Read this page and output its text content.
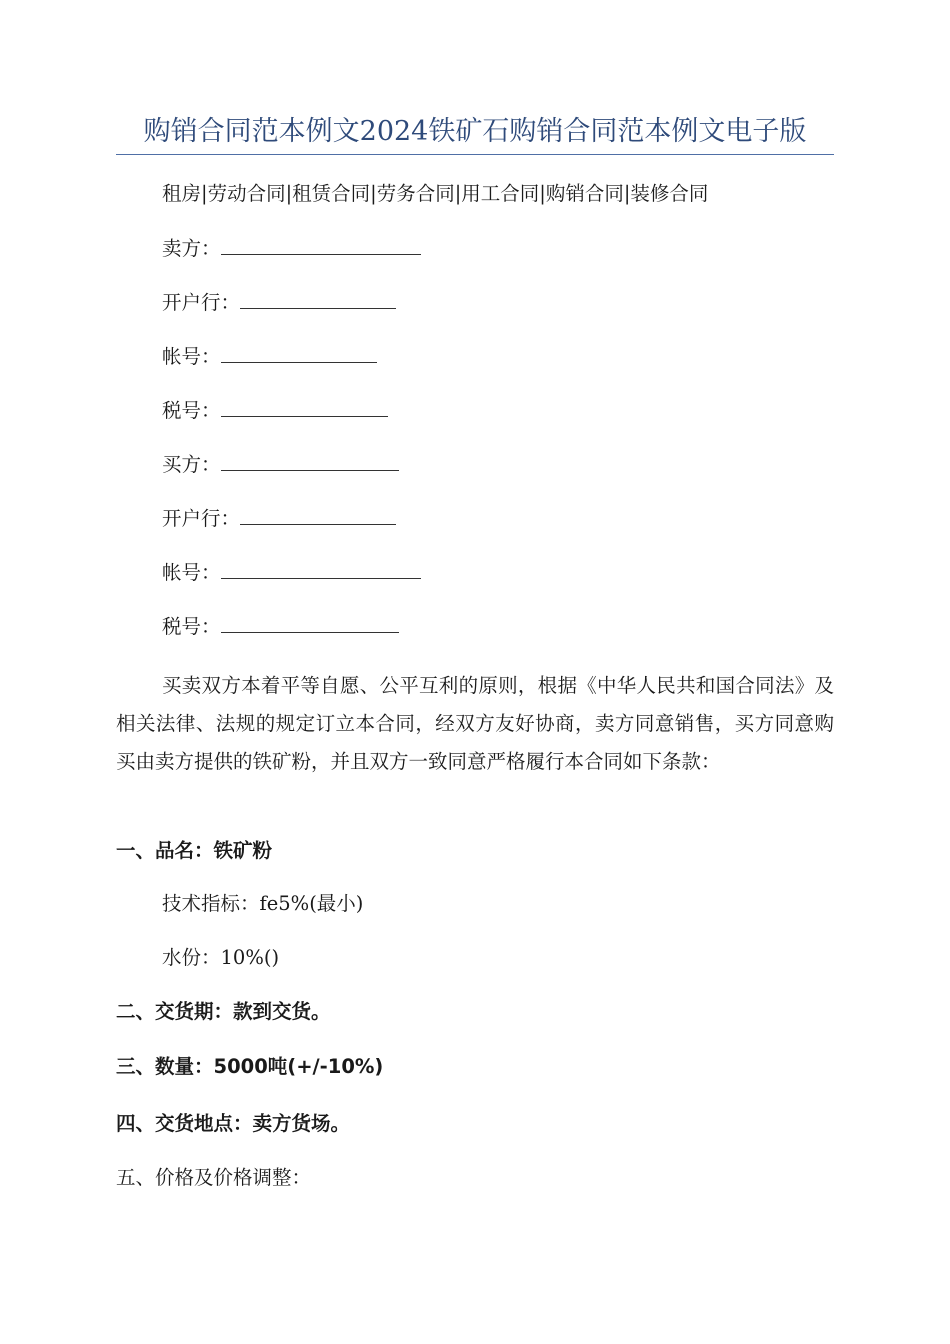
购销合同范本例文2024铁矿石购销合同范本例文电子版
租房|劳动合同|租赁合同|劳务合同|用工合同|购销合同|装修合同
卖方：
开户行：
帐号：
税号：
买方：
开户行：
帐号：
税号：
买卖双方本着平等自愿、公平互利的原则，根据《中华人民共和国合同法》及相关法律、法规的规定订立本合同，经双方友好协商，卖方同意销售，买方同意购买由卖方提供的铁矿粉，并且双方一致同意严格履行本合同如下条款：
一、品名：铁矿粉
技术指标：fe5%(最小)
水份：10%()
二、交货期：款到交货。
三、数量：5000吨(+/-10%)
四、交货地点：卖方货场。
五、价格及价格调整：
